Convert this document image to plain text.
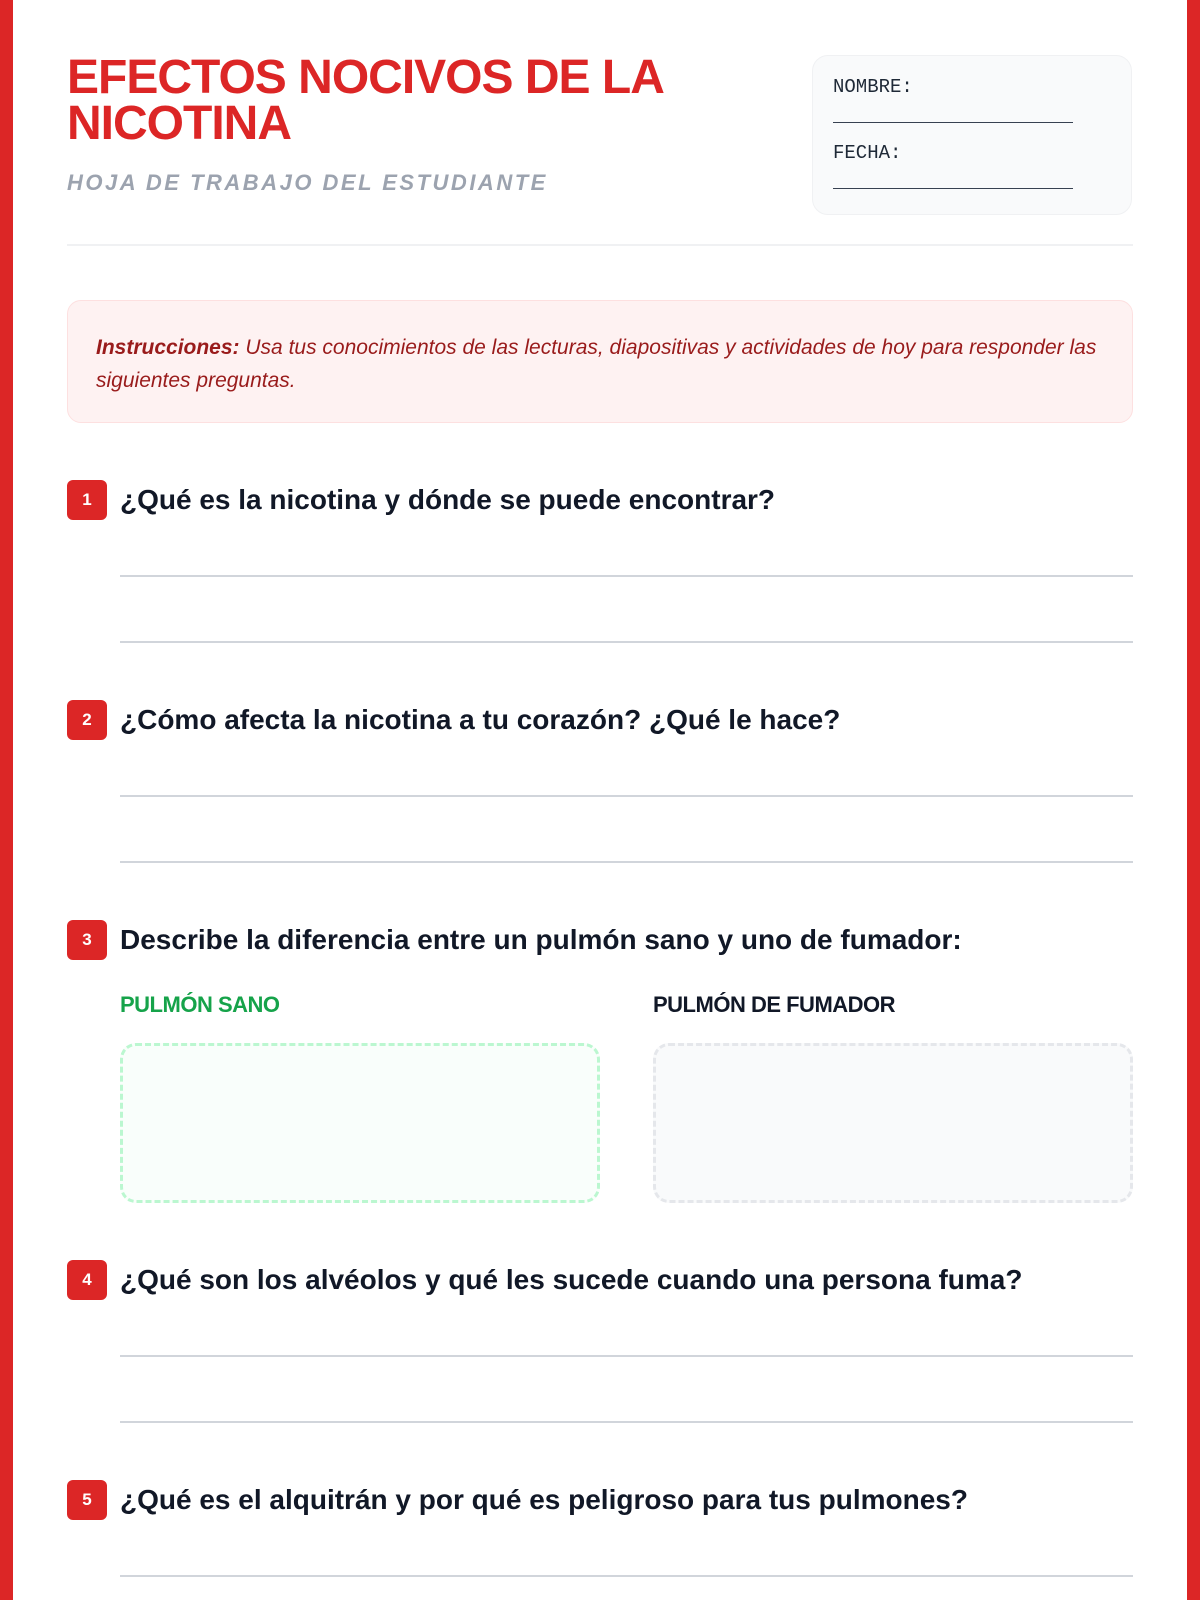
EFECTOS NOCIVOS DE LA NICOTINA
HOJA DE TRABAJO DEL ESTUDIANTE
NOMBRE:
FECHA:
Instrucciones: Usa tus conocimientos de las lecturas, diapositivas y actividades de hoy para responder las siguientes preguntas.
1	¿Qué es la nicotina y dónde se puede encontrar?
2	¿Cómo afecta la nicotina a tu corazón? ¿Qué le hace?
3	Describe la diferencia entre un pulmón sano y uno de fumador:
PULMÓN SANO	PULMÓN DE FUMADOR
4	¿Qué son los alvéolos y qué les sucede cuando una persona fuma?
5	¿Qué es el alquitrán y por qué es peligroso para tus pulmones?
